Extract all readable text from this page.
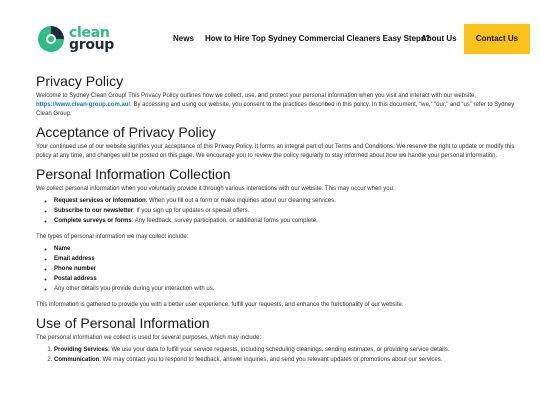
clean
group	News How to Hire Top Sydney Commercial Cleaners Easy Steps?
About Us	Contact Us
Privacy Policy

Welcome to Sydney Clean Group! This Privacy Policy outlines how we collect, use, and protect your personal information when you visit and interact with our website, https://www.clean-group.com.au/. By accessing and using our website, you consent to the practices described in this policy. In this document, “we,” “our,” and “us” refer to Sydney Clean Group.

Acceptance of Privacy Policy

Your continued use of our website signifies your acceptance of this Privacy Policy. It forms an integral part of our Terms and Conditions. We reserve the right to update or modify this policy at any time, and changes will be posted on this page. We encourage you to review the policy regularly to stay informed about how we handle your personal information.

Personal Information Collection

We collect personal information when you voluntarily provide it through various interactions with our website. This may occur when you:

◦ Request services or information: When you fill out a form or make inquiries about our cleaning services.
◦ Subscribe to our newsletter: If you sign up for updates or special offers.
◦ Complete surveys or forms: Any feedback, survey participation, or additional forms you complete.

The types of personal information we may collect include:

◦ Name
◦ Email address
◦ Phone number
◦ Postal address
◦ Any other details you provide during your interaction with us.

This information is gathered to provide you with a better user experience, fulfill your requests, and enhance the functionality of our website.

Use of Personal Information

The personal information we collect is used for several purposes, which may include:

1. Providing Services: We use your data to fulfill your service requests, including scheduling cleanings, sending estimates, or providing service details.
2. Communication: We may contact you to respond to feedback, answer inquiries, and send you relevant updates or promotions about our services.
